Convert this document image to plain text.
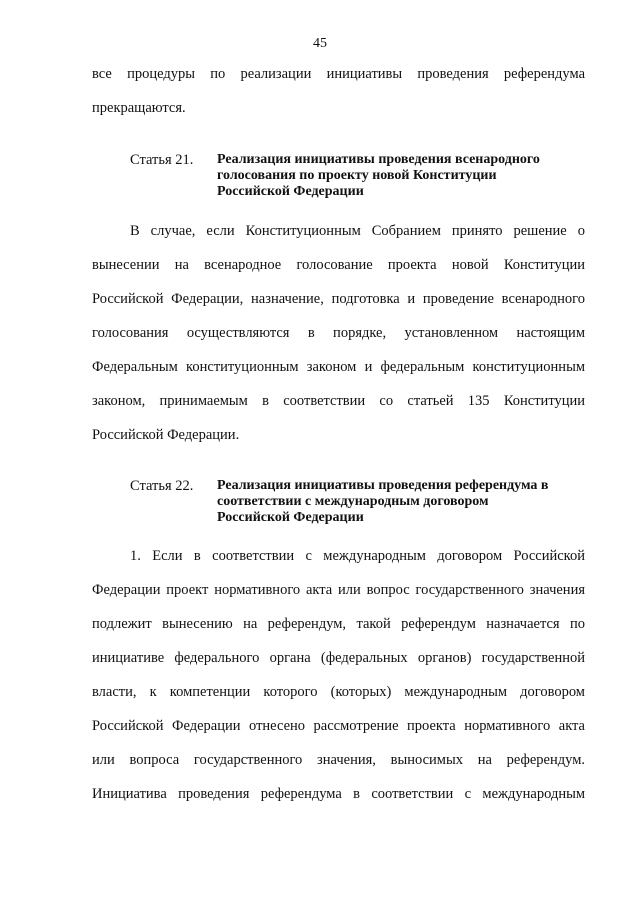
45
все процедуры по реализации инициативы проведения референдума
прекращаются.
Статья 21. Реализация инициативы проведения всенародного
голосования по проекту новой Конституции
Российской Федерации
В случае, если Конституционным Собранием принято решение о
вынесении на всенародное голосование проекта новой Конституции
Российской Федерации, назначение, подготовка и проведение всенародного
голосования осуществляются в порядке, установленном настоящим
Федеральным конституционным законом и федеральным конституционным
законом, принимаемым в соответствии со статьей 135 Конституции
Российской Федерации.
Статья 22. Реализация инициативы проведения референдума в
соответствии с международным договором
Российской Федерации
1. Если в соответствии с международным договором Российской
Федерации проект нормативного акта или вопрос государственного значения
подлежит вынесению на референдум, такой референдум назначается по
инициативе федерального органа (федеральных органов) государственной
власти, к компетенции которого (которых) международным договором
Российской Федерации отнесено рассмотрение проекта нормативного акта
или вопроса государственного значения, выносимых на референдум.
Инициатива проведения референдума в соответствии с международным
